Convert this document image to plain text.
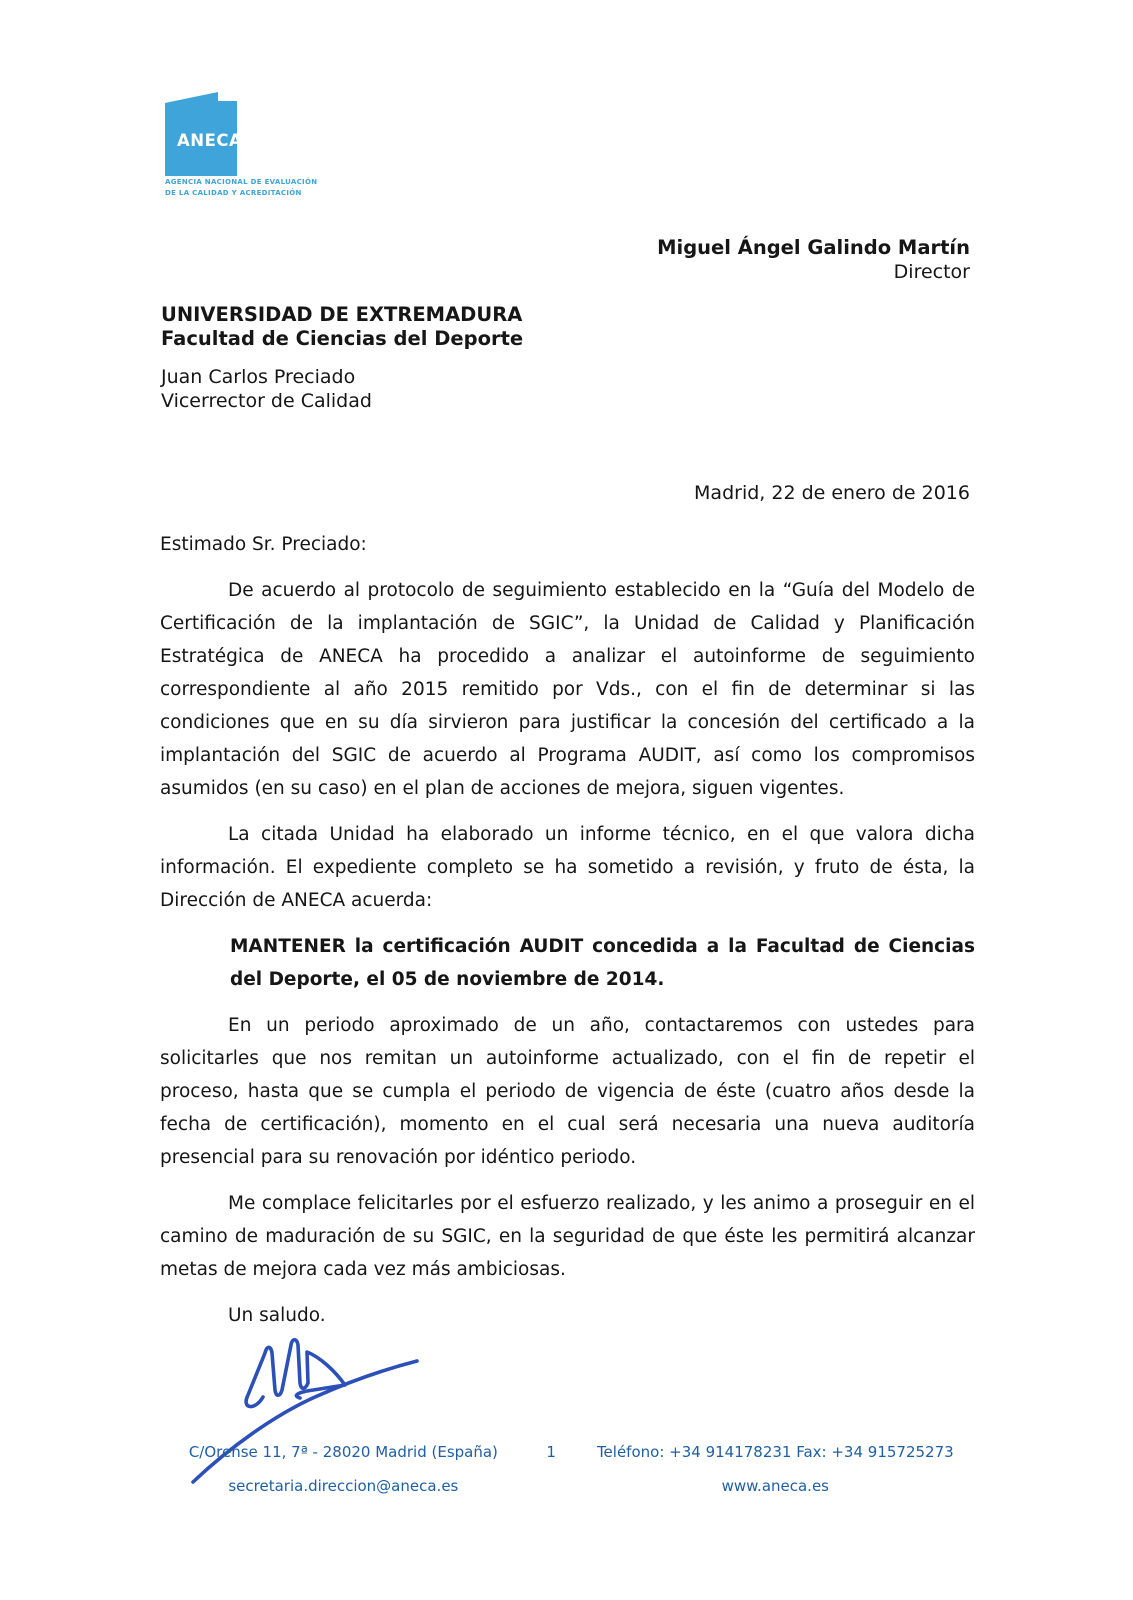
ANECA
AGENCIA NACIONAL DE EVALUACIÓN
DE LA CALIDAD Y ACREDITACIÓN
Miguel Ángel Galindo Martín
Director
UNIVERSIDAD DE EXTREMADURA
Facultad de Ciencias del Deporte
Juan Carlos Preciado
Vicerrector de Calidad
Madrid, 22 de enero de 2016

Estimado Sr. Preciado:

De acuerdo al protocolo de seguimiento establecido en la “Guía del Modelo de Certificación de la implantación de SGIC”, la Unidad de Calidad y Planificación Estratégica de ANECA ha procedido a analizar el autoinforme de seguimiento correspondiente al año 2015 remitido por Vds., con el fin de determinar si las condiciones que en su día sirvieron para justificar la concesión del certificado a la implantación del SGIC de acuerdo al Programa AUDIT, así como los compromisos asumidos (en su caso) en el plan de acciones de mejora, siguen vigentes.

La citada Unidad ha elaborado un informe técnico, en el que valora dicha información. El expediente completo se ha sometido a revisión, y fruto de ésta, la Dirección de ANECA acuerda:

MANTENER la certificación AUDIT concedida a la Facultad de Ciencias del Deporte, el 05 de noviembre de 2014.

En un periodo aproximado de un año, contactaremos con ustedes para solicitarles que nos remitan un autoinforme actualizado, con el fin de repetir el proceso, hasta que se cumpla el periodo de vigencia de éste (cuatro años desde la fecha de certificación), momento en el cual será necesaria una nueva auditoría presencial para su renovación por idéntico periodo.

Me complace felicitarles por el esfuerzo realizado, y les animo a proseguir en el camino de maduración de su SGIC, en la seguridad de que éste les permitirá alcanzar metas de mejora cada vez más ambiciosas.

Un saludo.

C/Orense 11, 7ª - 28020 Madrid (España)
secretaria.direccion@aneca.es
1	Teléfono: +34 914178231 Fax: +34 915725273
www.aneca.es
